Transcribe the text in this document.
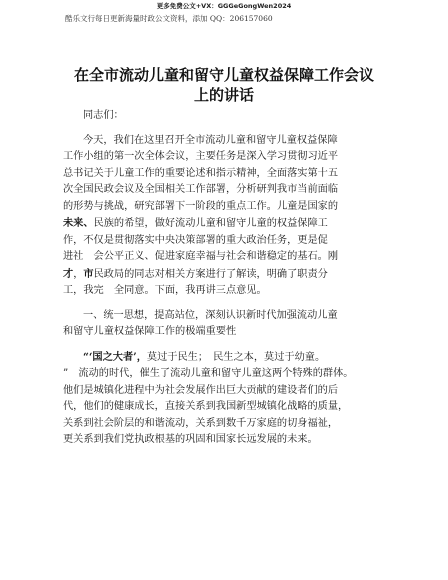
更多免费公文+VX：GGGeGongWen2024
酷乐文行每日更新海量时政公文资料，添加 QQ：206157060
在全市流动儿童和留守儿童权益保障工作会议
上的讲话

同志们：

今天，我们在这里召开全市流动儿童和留守儿童权益保障
工作小组的第一次全体会议，主要任务是深入学习贯彻习近平
总书记关于儿童工作的重要论述和指示精神，全面落实第十五
次全国民政会议及全国相关工作部署，分析研判我市当前面临
的形势与挑战，研究部署下一阶段的重点工作。儿童是国家的
未来、民族的希望，做好流动儿童和留守儿童的权益保障工
作，不仅是贯彻落实中央决策部署的重大政治任务，更是促
进社　会公平正义、促进家庭幸福与社会和谐稳定的基石。刚
才，市民政局的同志对相关方案进行了解读，明确了职责分
工，我完　全同意。下面，我再讲三点意见。

一、统一思想，提高站位，深刻认识新时代加强流动儿童
和留守儿童权益保障工作的极端重要性

“‘国之大者’，莫过于民生；　民生之本，莫过于幼童。
”　流动的时代，催生了流动儿童和留守儿童这两个特殊的群体。
他们是城镇化进程中为社会发展作出巨大贡献的建设者们的后
代，他们的健康成长，直接关系到我国新型城镇化战略的质量，
关系到社会阶层的和谐流动，关系到数千万家庭的切身福祉，
更关系到我们党执政根基的巩固和国家长远发展的未来。
